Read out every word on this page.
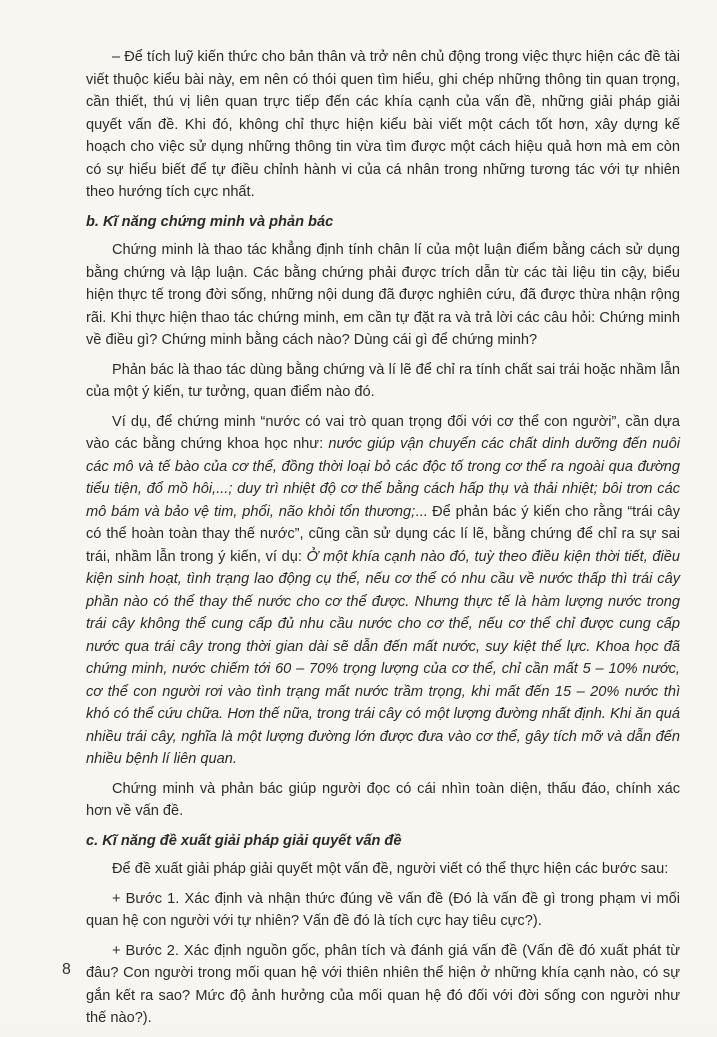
– Để tích luỹ kiến thức cho bản thân và trở nên chủ động trong việc thực hiện các đề tài viết thuộc kiểu bài này, em nên có thói quen tìm hiểu, ghi chép những thông tin quan trọng, cần thiết, thú vị liên quan trực tiếp đến các khía cạnh của vấn đề, những giải pháp giải quyết vấn đề. Khi đó, không chỉ thực hiện kiểu bài viết một cách tốt hơn, xây dựng kế hoạch cho việc sử dụng những thông tin vừa tìm được một cách hiệu quả hơn mà em còn có sự hiểu biết để tự điều chỉnh hành vi của cá nhân trong những tương tác với tự nhiên theo hướng tích cực nhất.

b. Kĩ năng chứng minh và phản bác

Chứng minh là thao tác khẳng định tính chân lí của một luận điểm bằng cách sử dụng bằng chứng và lập luận. Các bằng chứng phải được trích dẫn từ các tài liệu tin cậy, biểu hiện thực tế trong đời sống, những nội dung đã được nghiên cứu, đã được thừa nhận rộng rãi. Khi thực hiện thao tác chứng minh, em cần tự đặt ra và trả lời các câu hỏi: Chứng minh về điều gì? Chứng minh bằng cách nào? Dùng cái gì để chứng minh?

Phản bác là thao tác dùng bằng chứng và lí lẽ để chỉ ra tính chất sai trái hoặc nhầm lẫn của một ý kiến, tư tưởng, quan điểm nào đó.

Ví dụ, để chứng minh “nước có vai trò quan trọng đối với cơ thể con người”, cần dựa vào các bằng chứng khoa học như: nước giúp vận chuyển các chất dinh dưỡng đến nuôi các mô và tế bào của cơ thể, đồng thời loại bỏ các độc tố trong cơ thể ra ngoài qua đường tiểu tiện, đổ mồ hôi,...; duy trì nhiệt độ cơ thể bằng cách hấp thụ và thải nhiệt; bôi trơn các mô bám và bảo vệ tim, phổi, não khỏi tổn thương;... Để phản bác ý kiến cho rằng “trái cây có thể hoàn toàn thay thế nước”, cũng cần sử dụng các lí lẽ, bằng chứng để chỉ ra sự sai trái, nhầm lẫn trong ý kiến, ví dụ: Ở một khía cạnh nào đó, tuỳ theo điều kiện thời tiết, điều kiện sinh hoạt, tình trạng lao động cụ thể, nếu cơ thể có nhu cầu về nước thấp thì trái cây phần nào có thể thay thế nước cho cơ thể được. Nhưng thực tế là hàm lượng nước trong trái cây không thể cung cấp đủ nhu cầu nước cho cơ thể, nếu cơ thể chỉ được cung cấp nước qua trái cây trong thời gian dài sẽ dẫn đến mất nước, suy kiệt thể lực. Khoa học đã chứng minh, nước chiếm tới 60 – 70% trọng lượng của cơ thể, chỉ cần mất 5 – 10% nước, cơ thể con người rơi vào tình trạng mất nước trầm trọng, khi mất đến 15 – 20% nước thì khó có thể cứu chữa. Hơn thế nữa, trong trái cây có một lượng đường nhất định. Khi ăn quá nhiều trái cây, nghĩa là một lượng đường lớn được đưa vào cơ thể, gây tích mỡ và dẫn đến nhiều bệnh lí liên quan.

Chứng minh và phản bác giúp người đọc có cái nhìn toàn diện, thấu đáo, chính xác hơn về vấn đề.

c. Kĩ năng đề xuất giải pháp giải quyết vấn đề

Để đề xuất giải pháp giải quyết một vấn đề, người viết có thể thực hiện các bước sau:

+ Bước 1. Xác định và nhận thức đúng về vấn đề (Đó là vấn đề gì trong phạm vi mối quan hệ con người với tự nhiên? Vấn đề đó là tích cực hay tiêu cực?).

+ Bước 2. Xác định nguồn gốc, phân tích và đánh giá vấn đề (Vấn đề đó xuất phát từ đâu? Con người trong mối quan hệ với thiên nhiên thể hiện ở những khía cạnh nào, có sự gắn kết ra sao? Mức độ ảnh hưởng của mối quan hệ đó đối với đời sống con người như thế nào?).

8
